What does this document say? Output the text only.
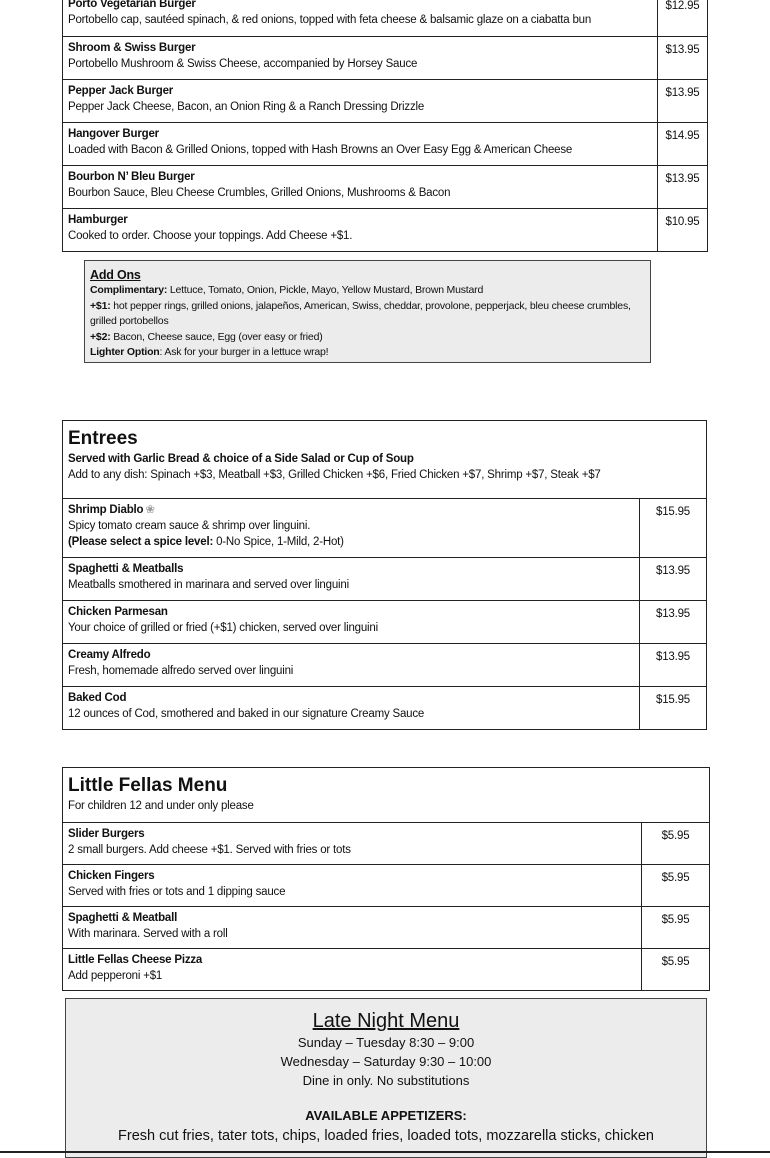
Porto Vegetarian Burger
Portobello cap, sautéed spinach, & red onions, topped with feta cheese & balsamic glaze on a ciabatta bun	$12.95

Shroom & Swiss Burger
Portobello Mushroom & Swiss Cheese, accompanied by Horsey Sauce	$13.95

Pepper Jack Burger
Pepper Jack Cheese, Bacon, an Onion Ring & a Ranch Dressing Drizzle	$13.95

Hangover Burger
Loaded with Bacon & Grilled Onions, topped with Hash Browns an Over Easy Egg & American Cheese	$14.95

Bourbon N’ Bleu Burger
Bourbon Sauce, Bleu Cheese Crumbles, Grilled Onions, Mushrooms & Bacon	$13.95

Hamburger
Cooked to order. Choose your toppings. Add Cheese +$1.	$10.95
Add Ons
Complimentary: Lettuce, Tomato, Onion, Pickle, Mayo, Yellow Mustard, Brown Mustard
+$1: hot pepper rings, grilled onions, jalapeños, American, Swiss, cheddar, provolone, pepperjack, bleu cheese crumbles, grilled portobellos
+$2: Bacon, Cheese sauce, Egg (over easy or fried)
Lighter Option: Ask for your burger in a lettuce wrap!
Entrees
Served with Garlic Bread & choice of a Side Salad or Cup of Soup
Add to any dish: Spinach +$3, Meatball +$3, Grilled Chicken +$6, Fried Chicken +$7, Shrimp +$7, Steak +$7	

Shrimp Diablo ❀
Spicy tomato cream sauce & shrimp over linguini.
(Please select a spice level: 0-No Spice, 1-Mild, 2-Hot)	$15.95

Spaghetti & Meatballs
Meatballs smothered in marinara and served over linguini	$13.95

Chicken Parmesan
Your choice of grilled or fried (+$1) chicken, served over linguini	$13.95

Creamy Alfredo
Fresh, homemade alfredo served over linguini	$13.95

Baked Cod
12 ounces of Cod, smothered and baked in our signature Creamy Sauce	$15.95
Little Fellas Menu
For children 12 and under only please	

Slider Burgers
2 small burgers. Add cheese +$1. Served with fries or tots	$5.95

Chicken Fingers
Served with fries or tots and 1 dipping sauce	$5.95

Spaghetti & Meatball
With marinara. Served with a roll	$5.95

Little Fellas Cheese Pizza
Add pepperoni +$1	$5.95
Late Night Menu
Sunday – Tuesday 8:30 – 9:00
Wednesday – Saturday 9:30 – 10:00
Dine in only. No substitutions
AVAILABLE APPETIZERS:
Fresh cut fries, tater tots, chips, loaded fries, loaded tots, mozzarella sticks, chicken
